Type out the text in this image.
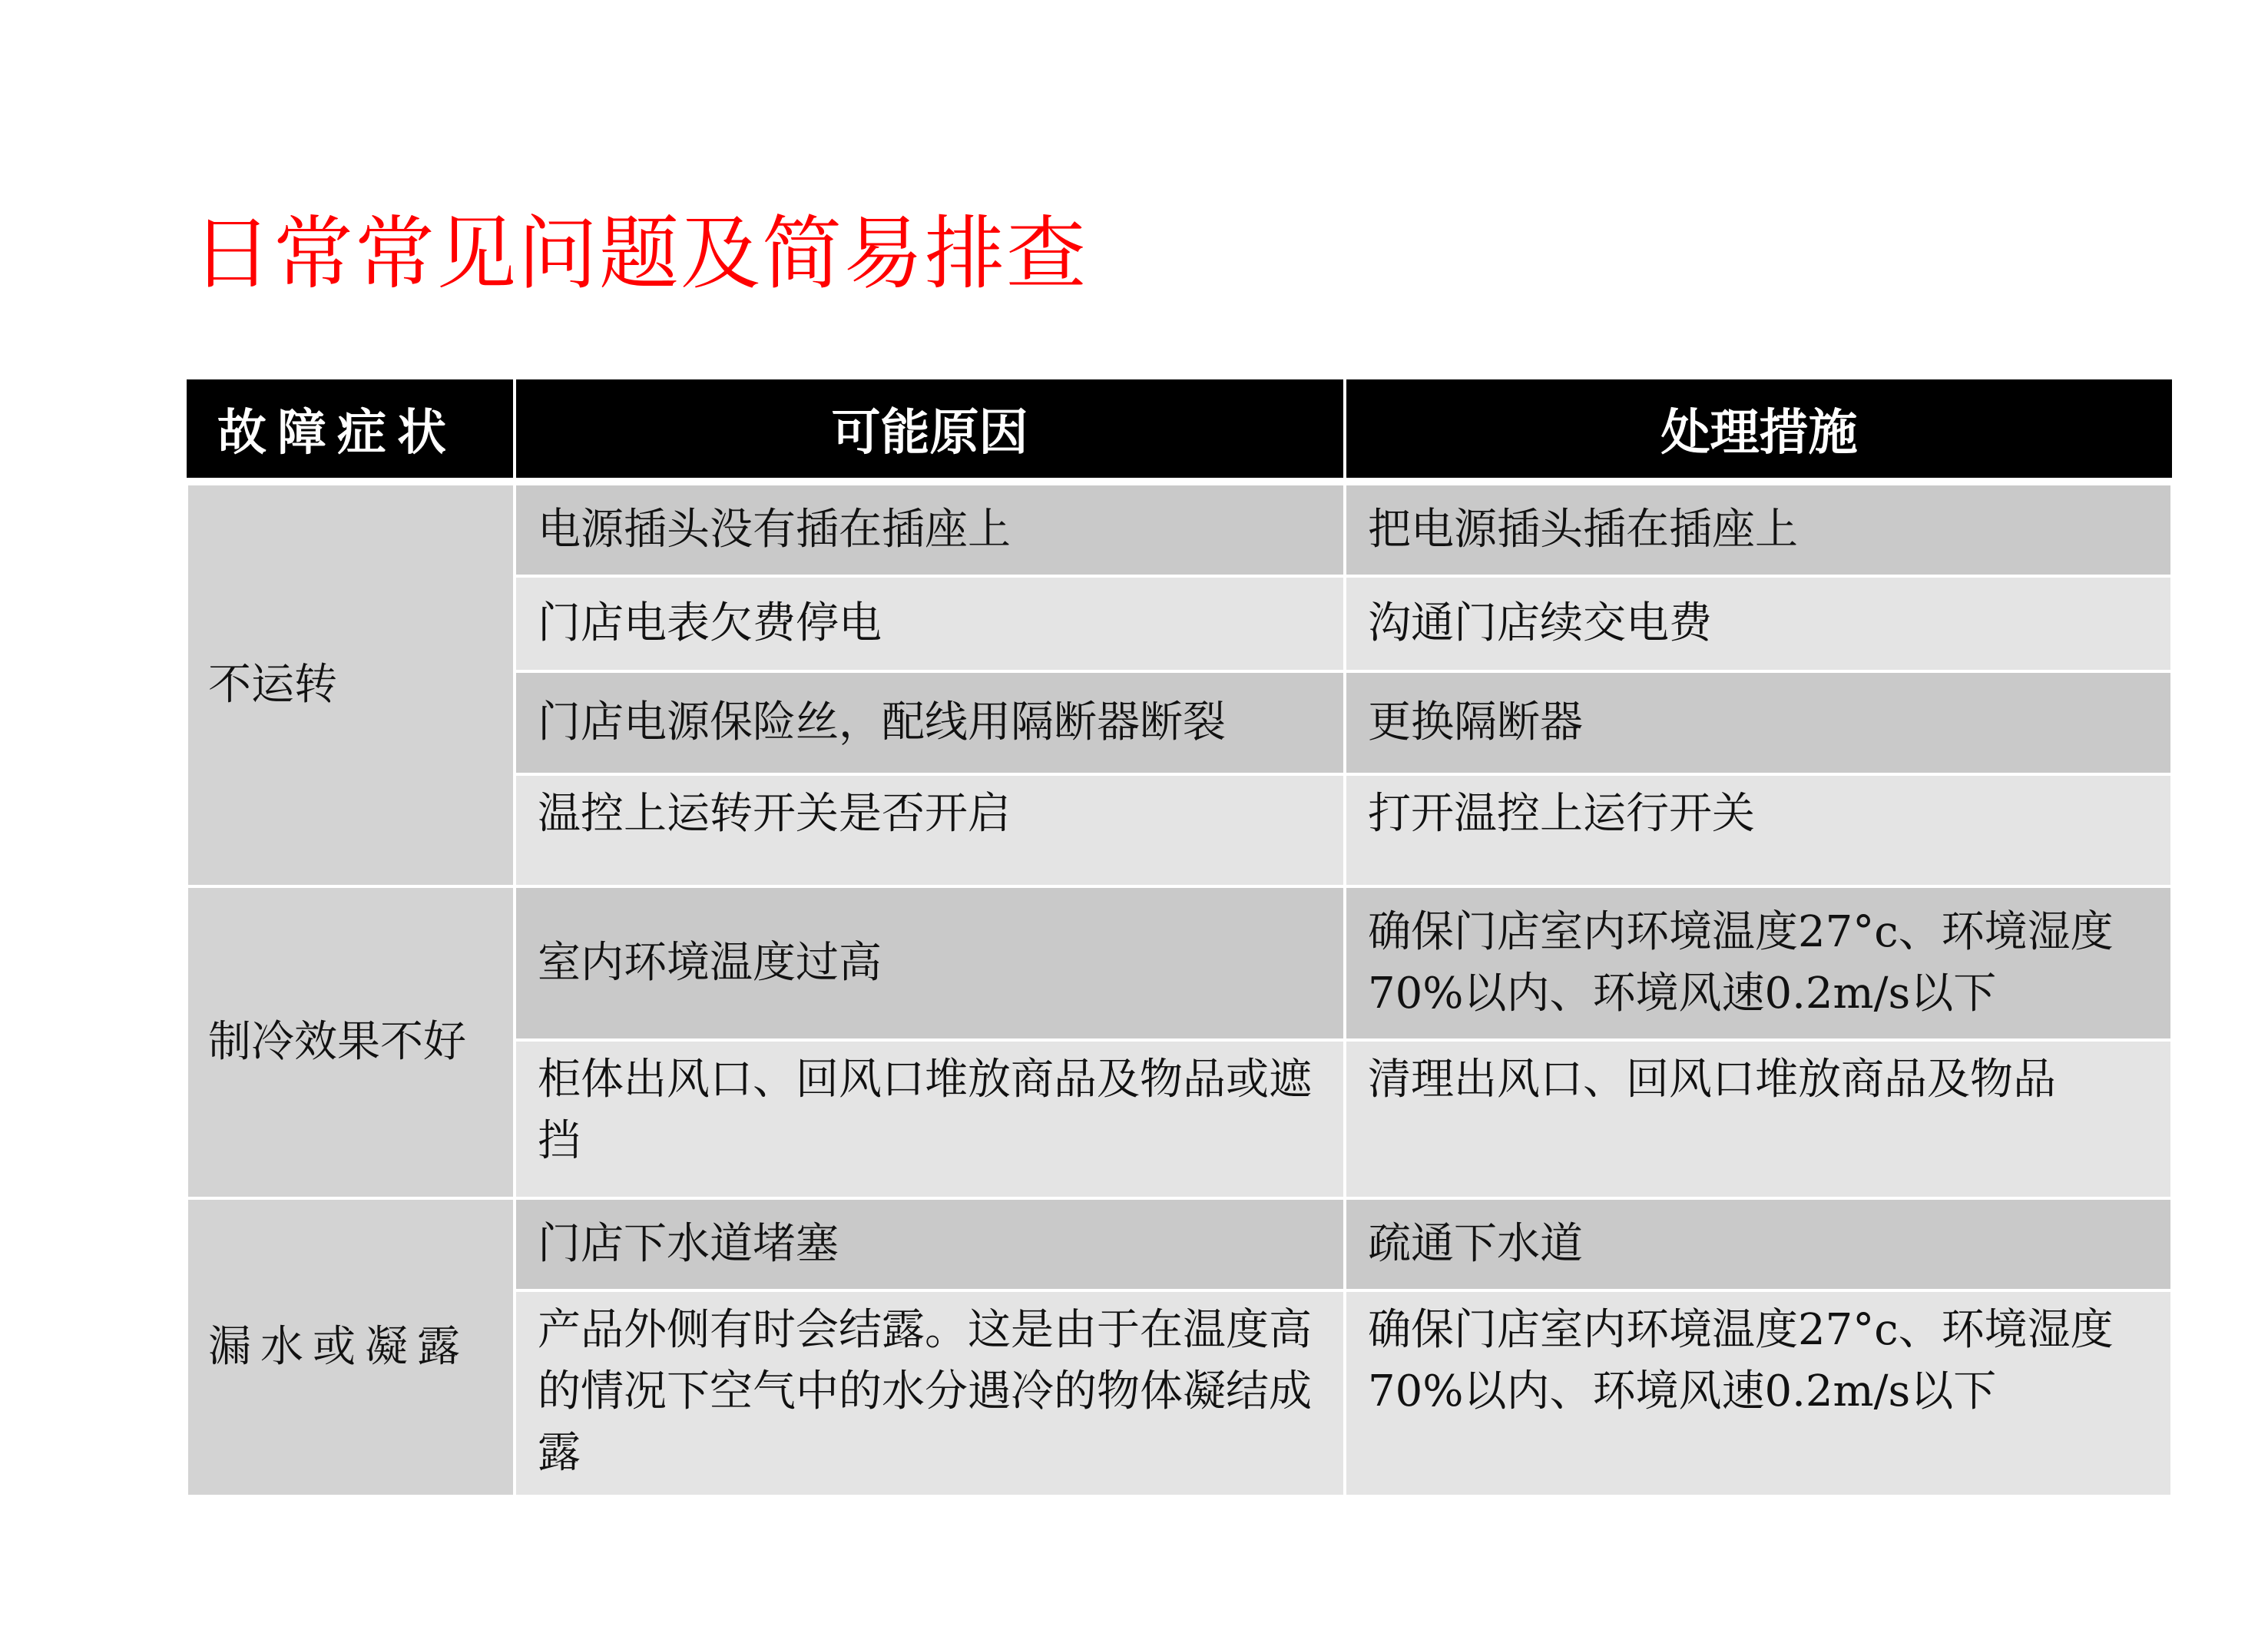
日常常见问题及简易排查
故障症状	可能原因	处理措施
不运转	电源插头没有插在插座上	把电源插头插在插座上
	门店电表欠费停电	沟通门店续交电费
	门店电源保险丝，配线用隔断器断裂	更换隔断器
	温控上运转开关是否开启	打开温控上运行开关
制冷效果不好	室内环境温度过高	确保门店室内环境温度27°c、环境湿度70%以内、环境风速0.2m/s以下
	柜体出风口、回风口堆放商品及物品或遮挡	清理出风口、回风口堆放商品及物品
漏水或凝露	门店下水道堵塞	疏通下水道
	产品外侧有时会结露。这是由于在温度高的情况下空气中的水分遇冷的物体凝结成露	确保门店室内环境温度27°c、环境湿度70%以内、环境风速0.2m/s以下
